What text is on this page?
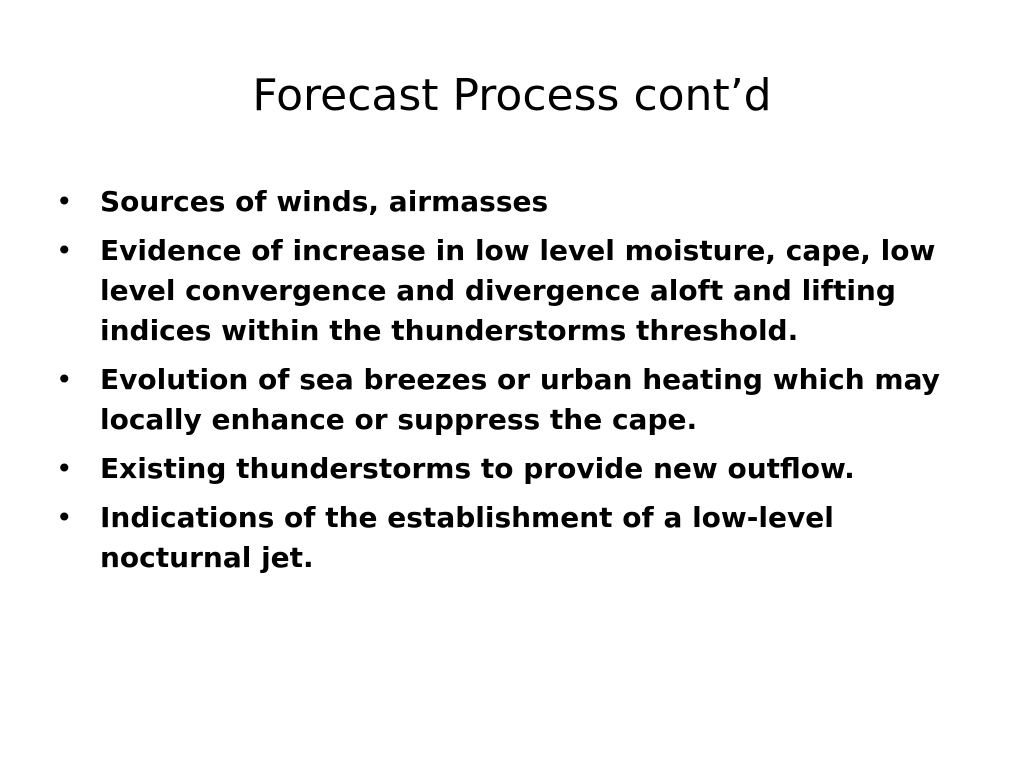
Forecast Process cont’d
• Sources of winds, airmasses
• Evidence of increase in low level moisture, cape, low level convergence and divergence aloft and lifting indices within the thunderstorms threshold.
• Evolution of sea breezes or urban heating which may locally enhance or suppress the cape.
• Existing thunderstorms to provide new outflow.
• Indications of the establishment of a low-level nocturnal jet.
